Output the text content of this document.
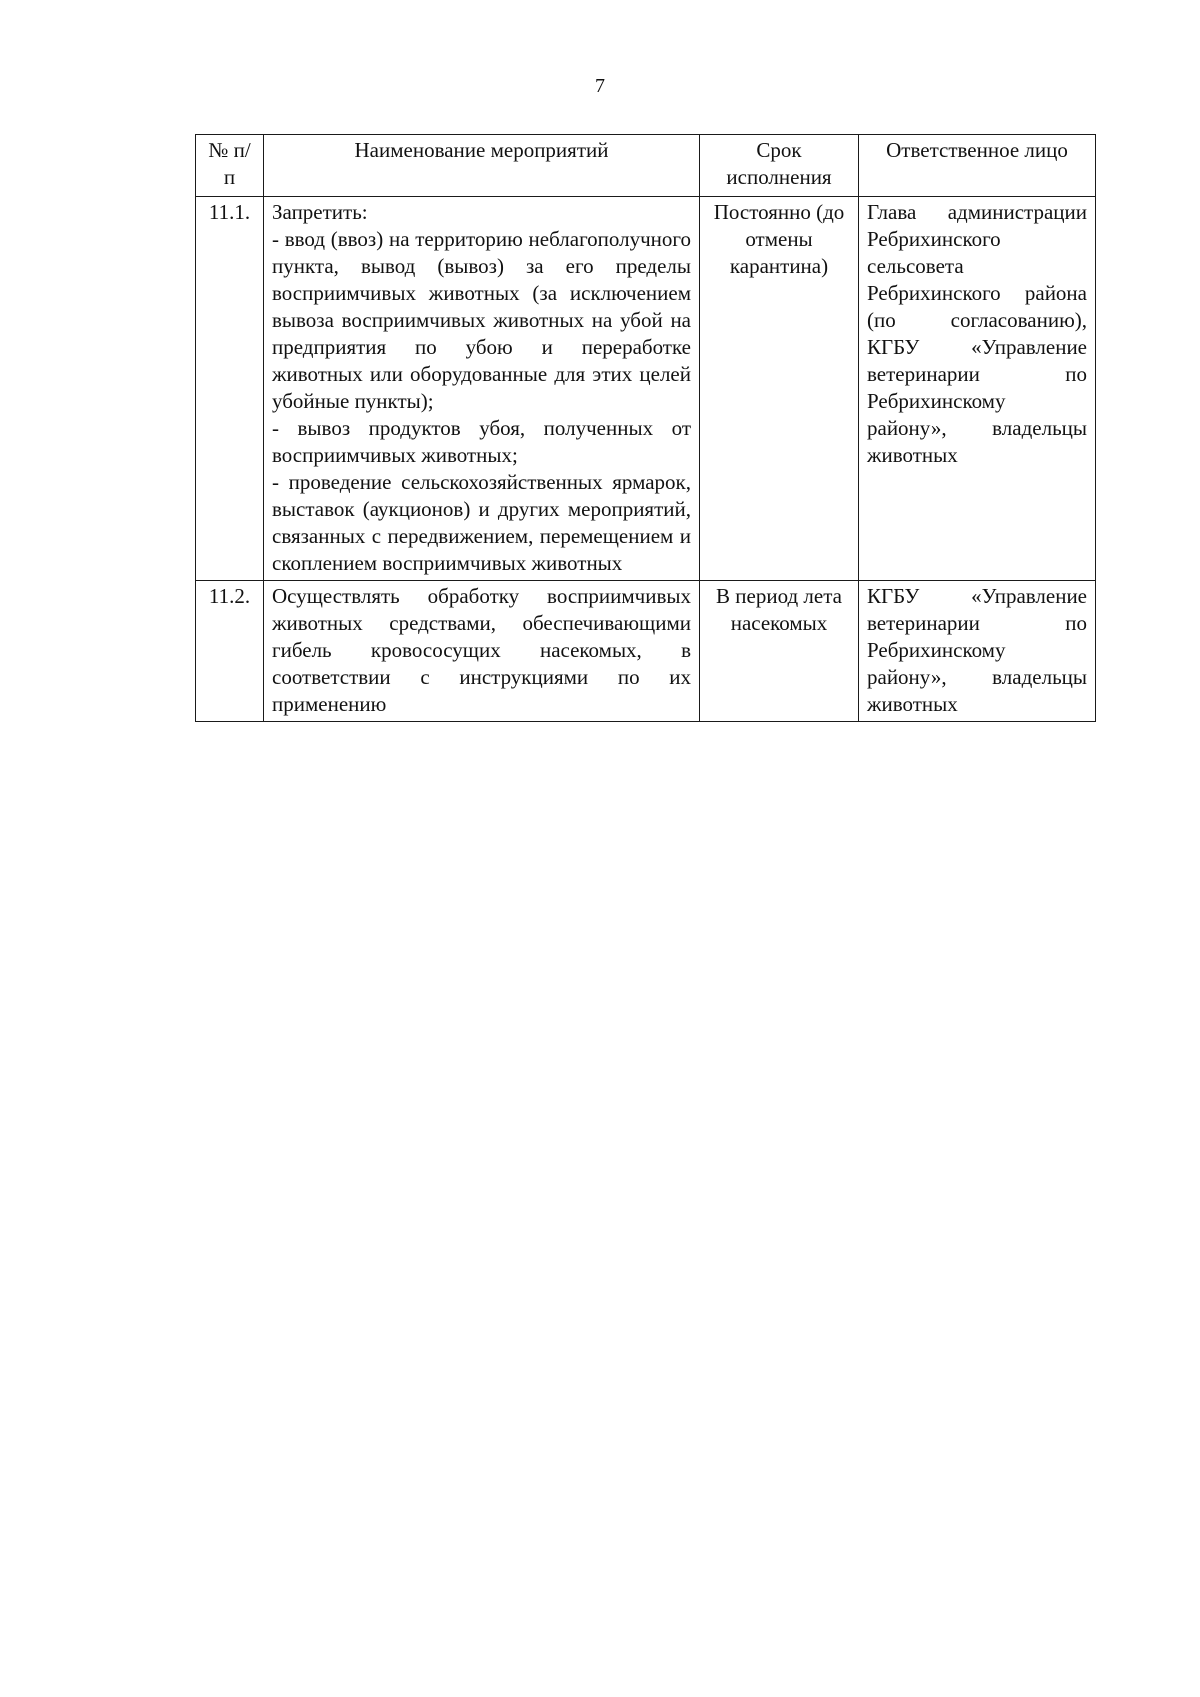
7
№ п/п	Наименование мероприятий	Срок исполнения	Ответственное лицо
11.1.	Запретить:
- ввод (ввоз) на территорию неблагополучного пункта, вывод (вывоз) за его пределы восприимчивых животных (за исключением вывоза восприимчивых животных на убой на предприятия по убою и переработке животных или оборудованные для этих целей убойные пункты);
- вывоз продуктов убоя, полученных от восприимчивых животных;
- проведение сельскохозяйственных ярмарок, выставок (аукционов) и других мероприятий, связанных с передвижением, перемещением и скоплением восприимчивых животных	Постоянно (до отмены карантина)	Глава администрации Ребрихинского сельсовета Ребрихинского района (по согласованию), КГБУ «Управление ветеринарии по Ребрихинскому району», владельцы животных
11.2.	Осуществлять обработку восприимчивых животных средствами, обеспечивающими гибель кровососущих насекомых, в соответствии с инструкциями по их применению	В период лета насекомых	КГБУ «Управление ветеринарии по Ребрихинскому району», владельцы животных
